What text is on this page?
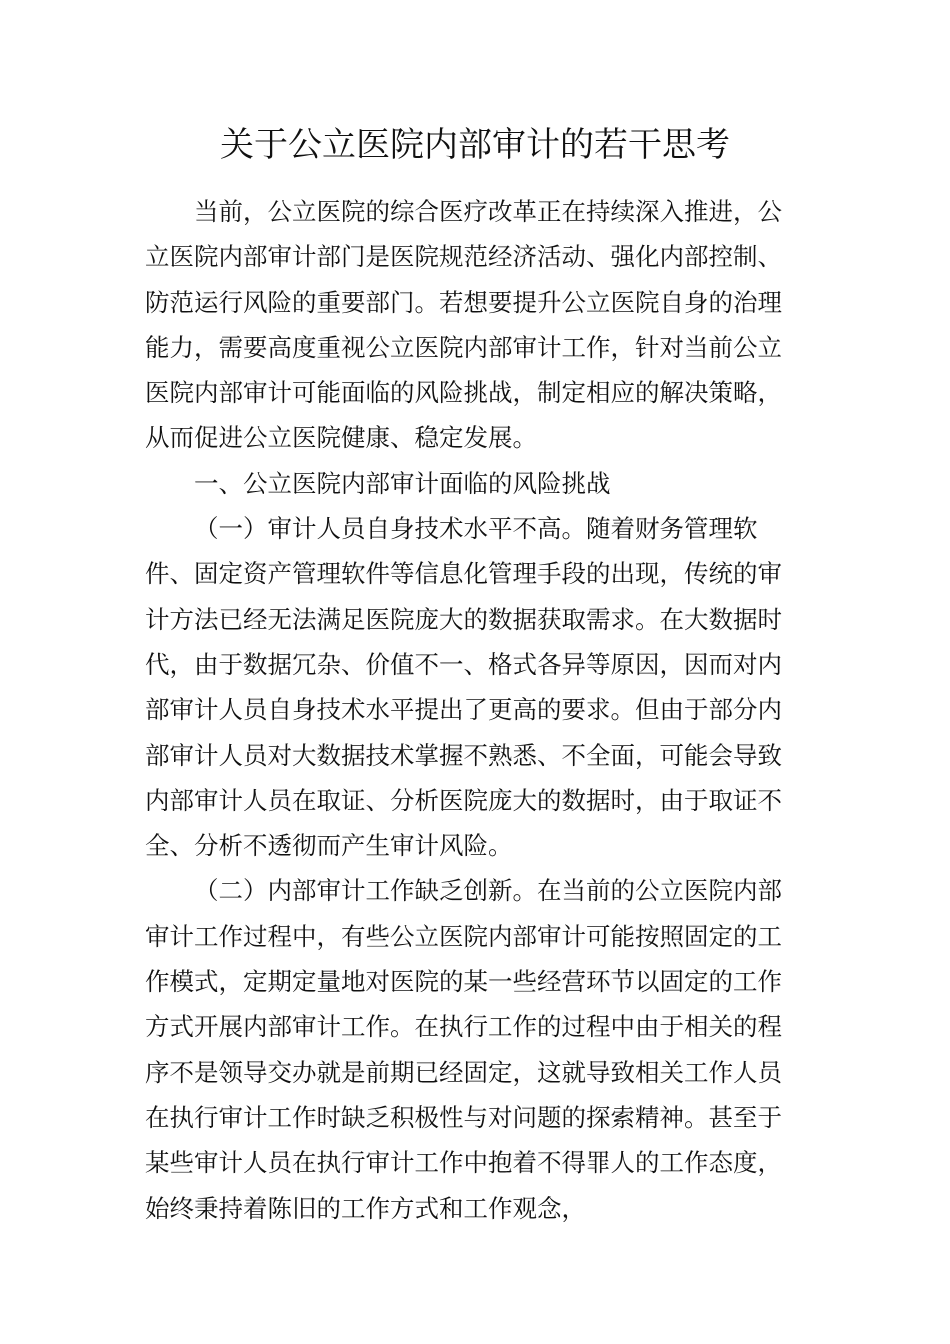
关于公立医院内部审计的若干思考

当前，公立医院的综合医疗改革正在持续深入推进，公立医院内部审计部门是医院规范经济活动、强化内部控制、防范运行风险的重要部门。若想要提升公立医院自身的治理能力，需要高度重视公立医院内部审计工作，针对当前公立医院内部审计可能面临的风险挑战，制定相应的解决策略，从而促进公立医院健康、稳定发展。

一、公立医院内部审计面临的风险挑战

（一）审计人员自身技术水平不高。随着财务管理软件、固定资产管理软件等信息化管理手段的出现，传统的审计方法已经无法满足医院庞大的数据获取需求。在大数据时代，由于数据冗杂、价值不一、格式各异等原因，因而对内部审计人员自身技术水平提出了更高的要求。但由于部分内部审计人员对大数据技术掌握不熟悉、不全面，可能会导致内部审计人员在取证、分析医院庞大的数据时，由于取证不全、分析不透彻而产生审计风险。

（二）内部审计工作缺乏创新。在当前的公立医院内部审计工作过程中，有些公立医院内部审计可能按照固定的工作模式，定期定量地对医院的某一些经营环节以固定的工作方式开展内部审计工作。在执行工作的过程中由于相关的程序不是领导交办就是前期已经固定，这就导致相关工作人员在执行审计工作时缺乏积极性与对问题的探索精神。甚至于某些审计人员在执行审计工作中抱着不得罪人的工作态度，始终秉持着陈旧的工作方式和工作观念，
